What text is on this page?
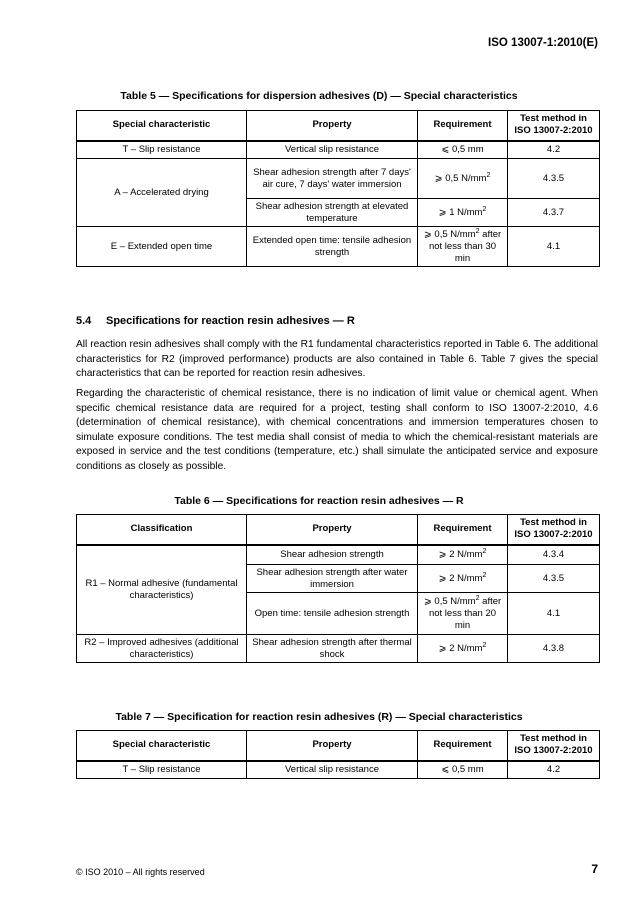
ISO 13007-1:2010(E)
Table 5 — Specifications for dispersion adhesives (D) — Special characteristics
Special characteristic	Property	Requirement	Test method in ISO 13007-2:2010
T – Slip resistance	Vertical slip resistance	⩽ 0,5 mm	4.2
A – Accelerated drying	Shear adhesion strength after 7 days' air cure, 7 days' water immersion	⩾ 0,5 $N/mm^2$	4.3.5
	Shear adhesion strength at elevated temperature	⩾ 1 $N/mm^2$	4.3.7
E – Extended open time	Extended open time: tensile adhesion strength	⩾ 0,5 $N/mm^2$ after not less than 30 min	4.1
5.4 Specifications for reaction resin adhesives — R

All reaction resin adhesives shall comply with the R1 fundamental characteristics reported in Table 6. The additional characteristics for R2 (improved performance) products are also contained in Table 6. Table 7 gives the special characteristics that can be reported for reaction resin adhesives.

Regarding the characteristic of chemical resistance, there is no indication of limit value or chemical agent. When specific chemical resistance data are required for a project, testing shall conform to ISO 13007-2:2010, 4.6 (determination of chemical resistance), with chemical concentrations and immersion temperatures chosen to simulate exposure conditions. The test media shall consist of media to which the chemical-resistant materials are exposed in service and the test conditions (temperature, etc.) shall simulate the anticipated service and exposure conditions as closely as possible.

Table 6 — Specifications for reaction resin adhesives — R
Classification	Property	Requirement	Test method in ISO 13007-2:2010
R1 – Normal adhesive (fundamental characteristics)	Shear adhesion strength	⩾ 2 $N/mm^2$	4.3.4
	Shear adhesion strength after water immersion	⩾ 2 $N/mm^2$	4.3.5
	Open time: tensile adhesion strength	⩾ 0,5 $N/mm^2$ after not less than 20 min	4.1
R2 – Improved adhesives (additional characteristics)	Shear adhesion strength after thermal shock	⩾ 2 $N/mm^2$	4.3.8
Table 7 — Specification for reaction resin adhesives (R) — Special characteristics
Special characteristic	Property	Requirement	Test method in ISO 13007-2:2010
T – Slip resistance	Vertical slip resistance	⩽ 0,5 mm	4.2
© ISO 2010 – All rights reserved	7
